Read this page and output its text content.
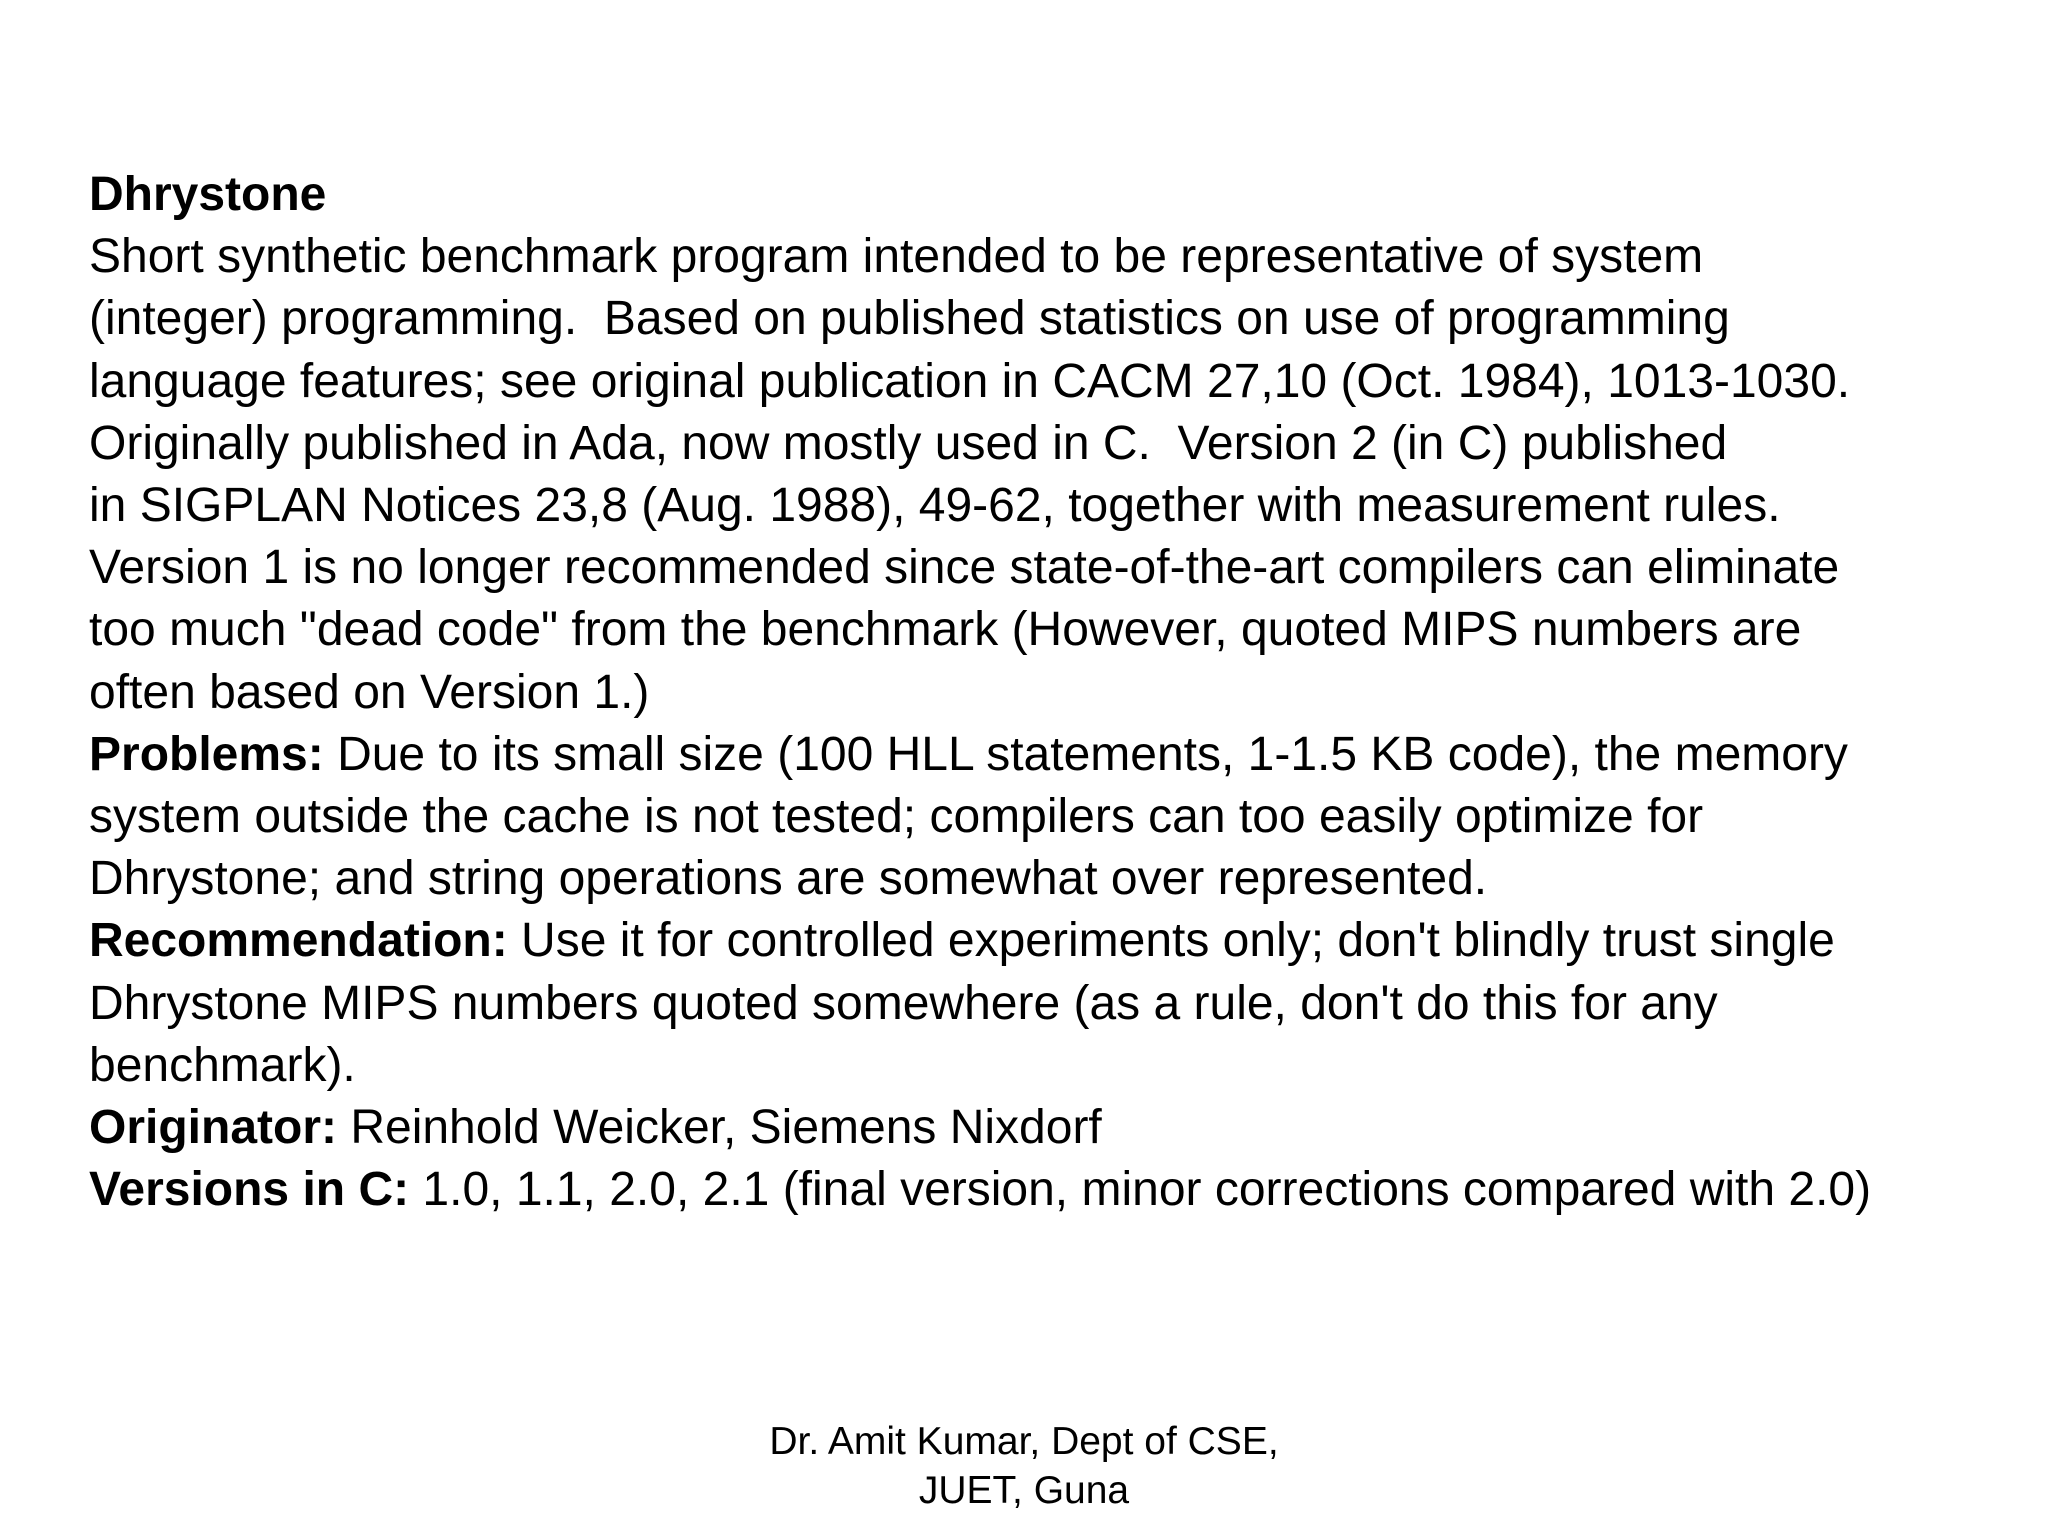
Dhrystone
Short synthetic benchmark program intended to be representative of system
(integer) programming.  Based on published statistics on use of programming
language features; see original publication in CACM 27,10 (Oct. 1984), 1013-1030.
Originally published in Ada, now mostly used in C.  Version 2 (in C) published
in SIGPLAN Notices 23,8 (Aug. 1988), 49-62, together with measurement rules.
Version 1 is no longer recommended since state-of-the-art compilers can eliminate
too much "dead code" from the benchmark (However, quoted MIPS numbers are
often based on Version 1.)
Problems: Due to its small size (100 HLL statements, 1-1.5 KB code), the memory
system outside the cache is not tested; compilers can too easily optimize for
Dhrystone; and string operations are somewhat over represented.
Recommendation: Use it for controlled experiments only; don't blindly trust single
Dhrystone MIPS numbers quoted somewhere (as a rule, don't do this for any
benchmark).
Originator: Reinhold Weicker, Siemens Nixdorf
Versions in C: 1.0, 1.1, 2.0, 2.1 (final version, minor corrections compared with 2.0)
Dr. Amit Kumar, Dept of CSE,
JUET, Guna
